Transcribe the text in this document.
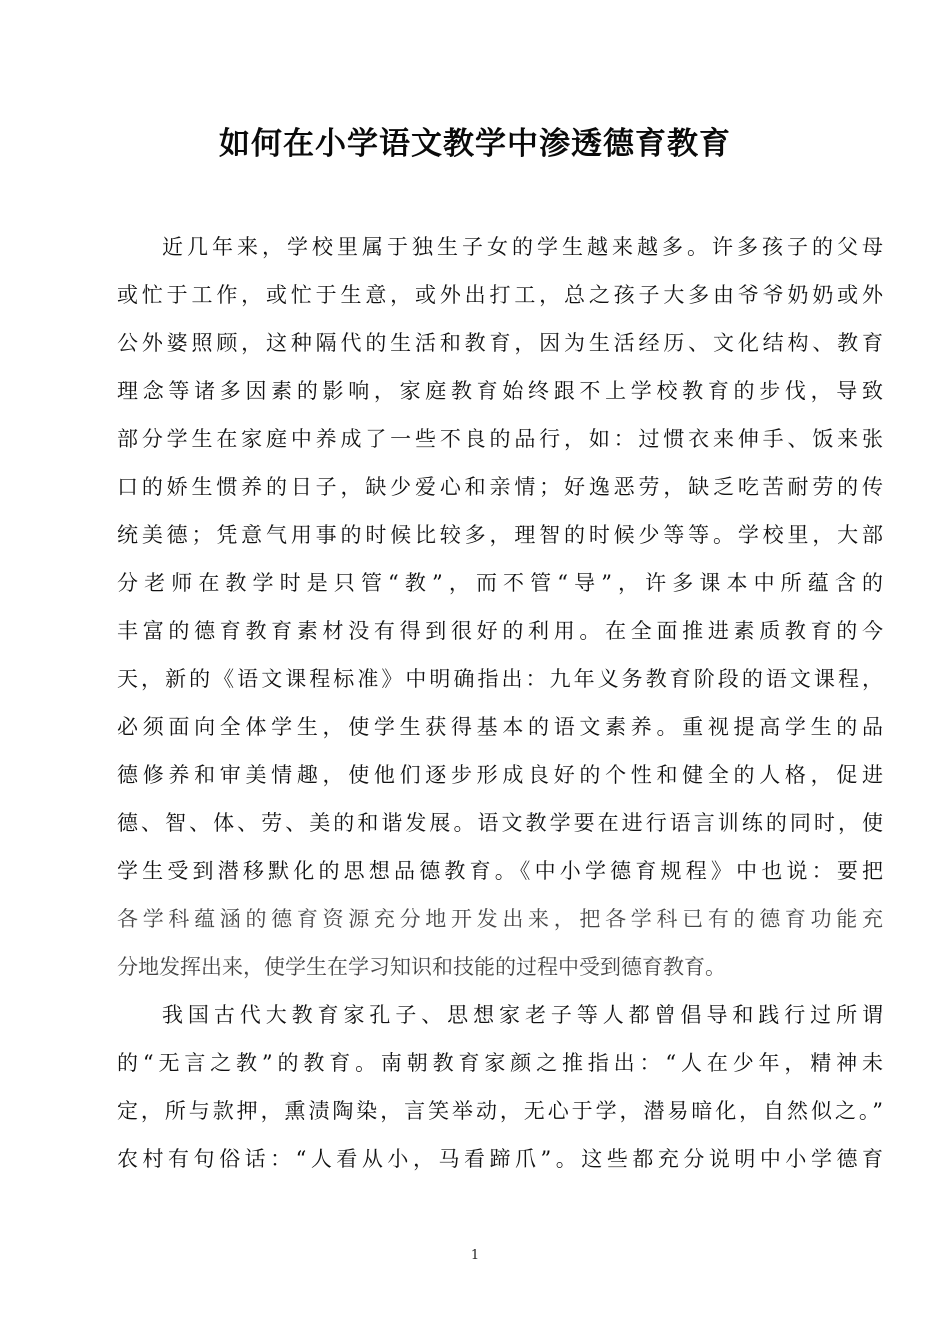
如何在小学语文教学中渗透德育教育
近几年来，学校里属于独生子女的学生越来越多。许多孩子的父母
或忙于工作，或忙于生意，或外出打工，总之孩子大多由爷爷奶奶或外
公外婆照顾，这种隔代的生活和教育，因为生活经历、文化结构、教育
理念等诸多因素的影响，家庭教育始终跟不上学校教育的步伐，导致
部分学生在家庭中养成了一些不良的品行，如：过惯衣来伸手、饭来张
口的娇生惯养的日子，缺少爱心和亲情；好逸恶劳，缺乏吃苦耐劳的传
统美德；凭意气用事的时候比较多，理智的时候少等等。学校里，大部
分老师在教学时是只管“教”，而不管“导”，许多课本中所蕴含的
丰富的德育教育素材没有得到很好的利用。在全面推进素质教育的今
天，新的《语文课程标准》中明确指出：九年义务教育阶段的语文课程，
必须面向全体学生，使学生获得基本的语文素养。重视提高学生的品
德修养和审美情趣，使他们逐步形成良好的个性和健全的人格，促进
德、智、体、劳、美的和谐发展。语文教学要在进行语言训练的同时，使
学生受到潜移默化的思想品德教育。《中小学德育规程》中也说：要把
各学科蕴涵的德育资源充分地开发出来，把各学科已有的德育功能充
分地发挥出来，使学生在学习知识和技能的过程中受到德育教育。
我国古代大教育家孔子、思想家老子等人都曾倡导和践行过所谓
的“无言之教”的教育。南朝教育家颜之推指出：“人在少年，精神未
定，所与款押，熏渍陶染，言笑举动，无心于学，潜易暗化，自然似之。”
农村有句俗话：“人看从小，马看蹄爪”。这些都充分说明中小学德育
1
